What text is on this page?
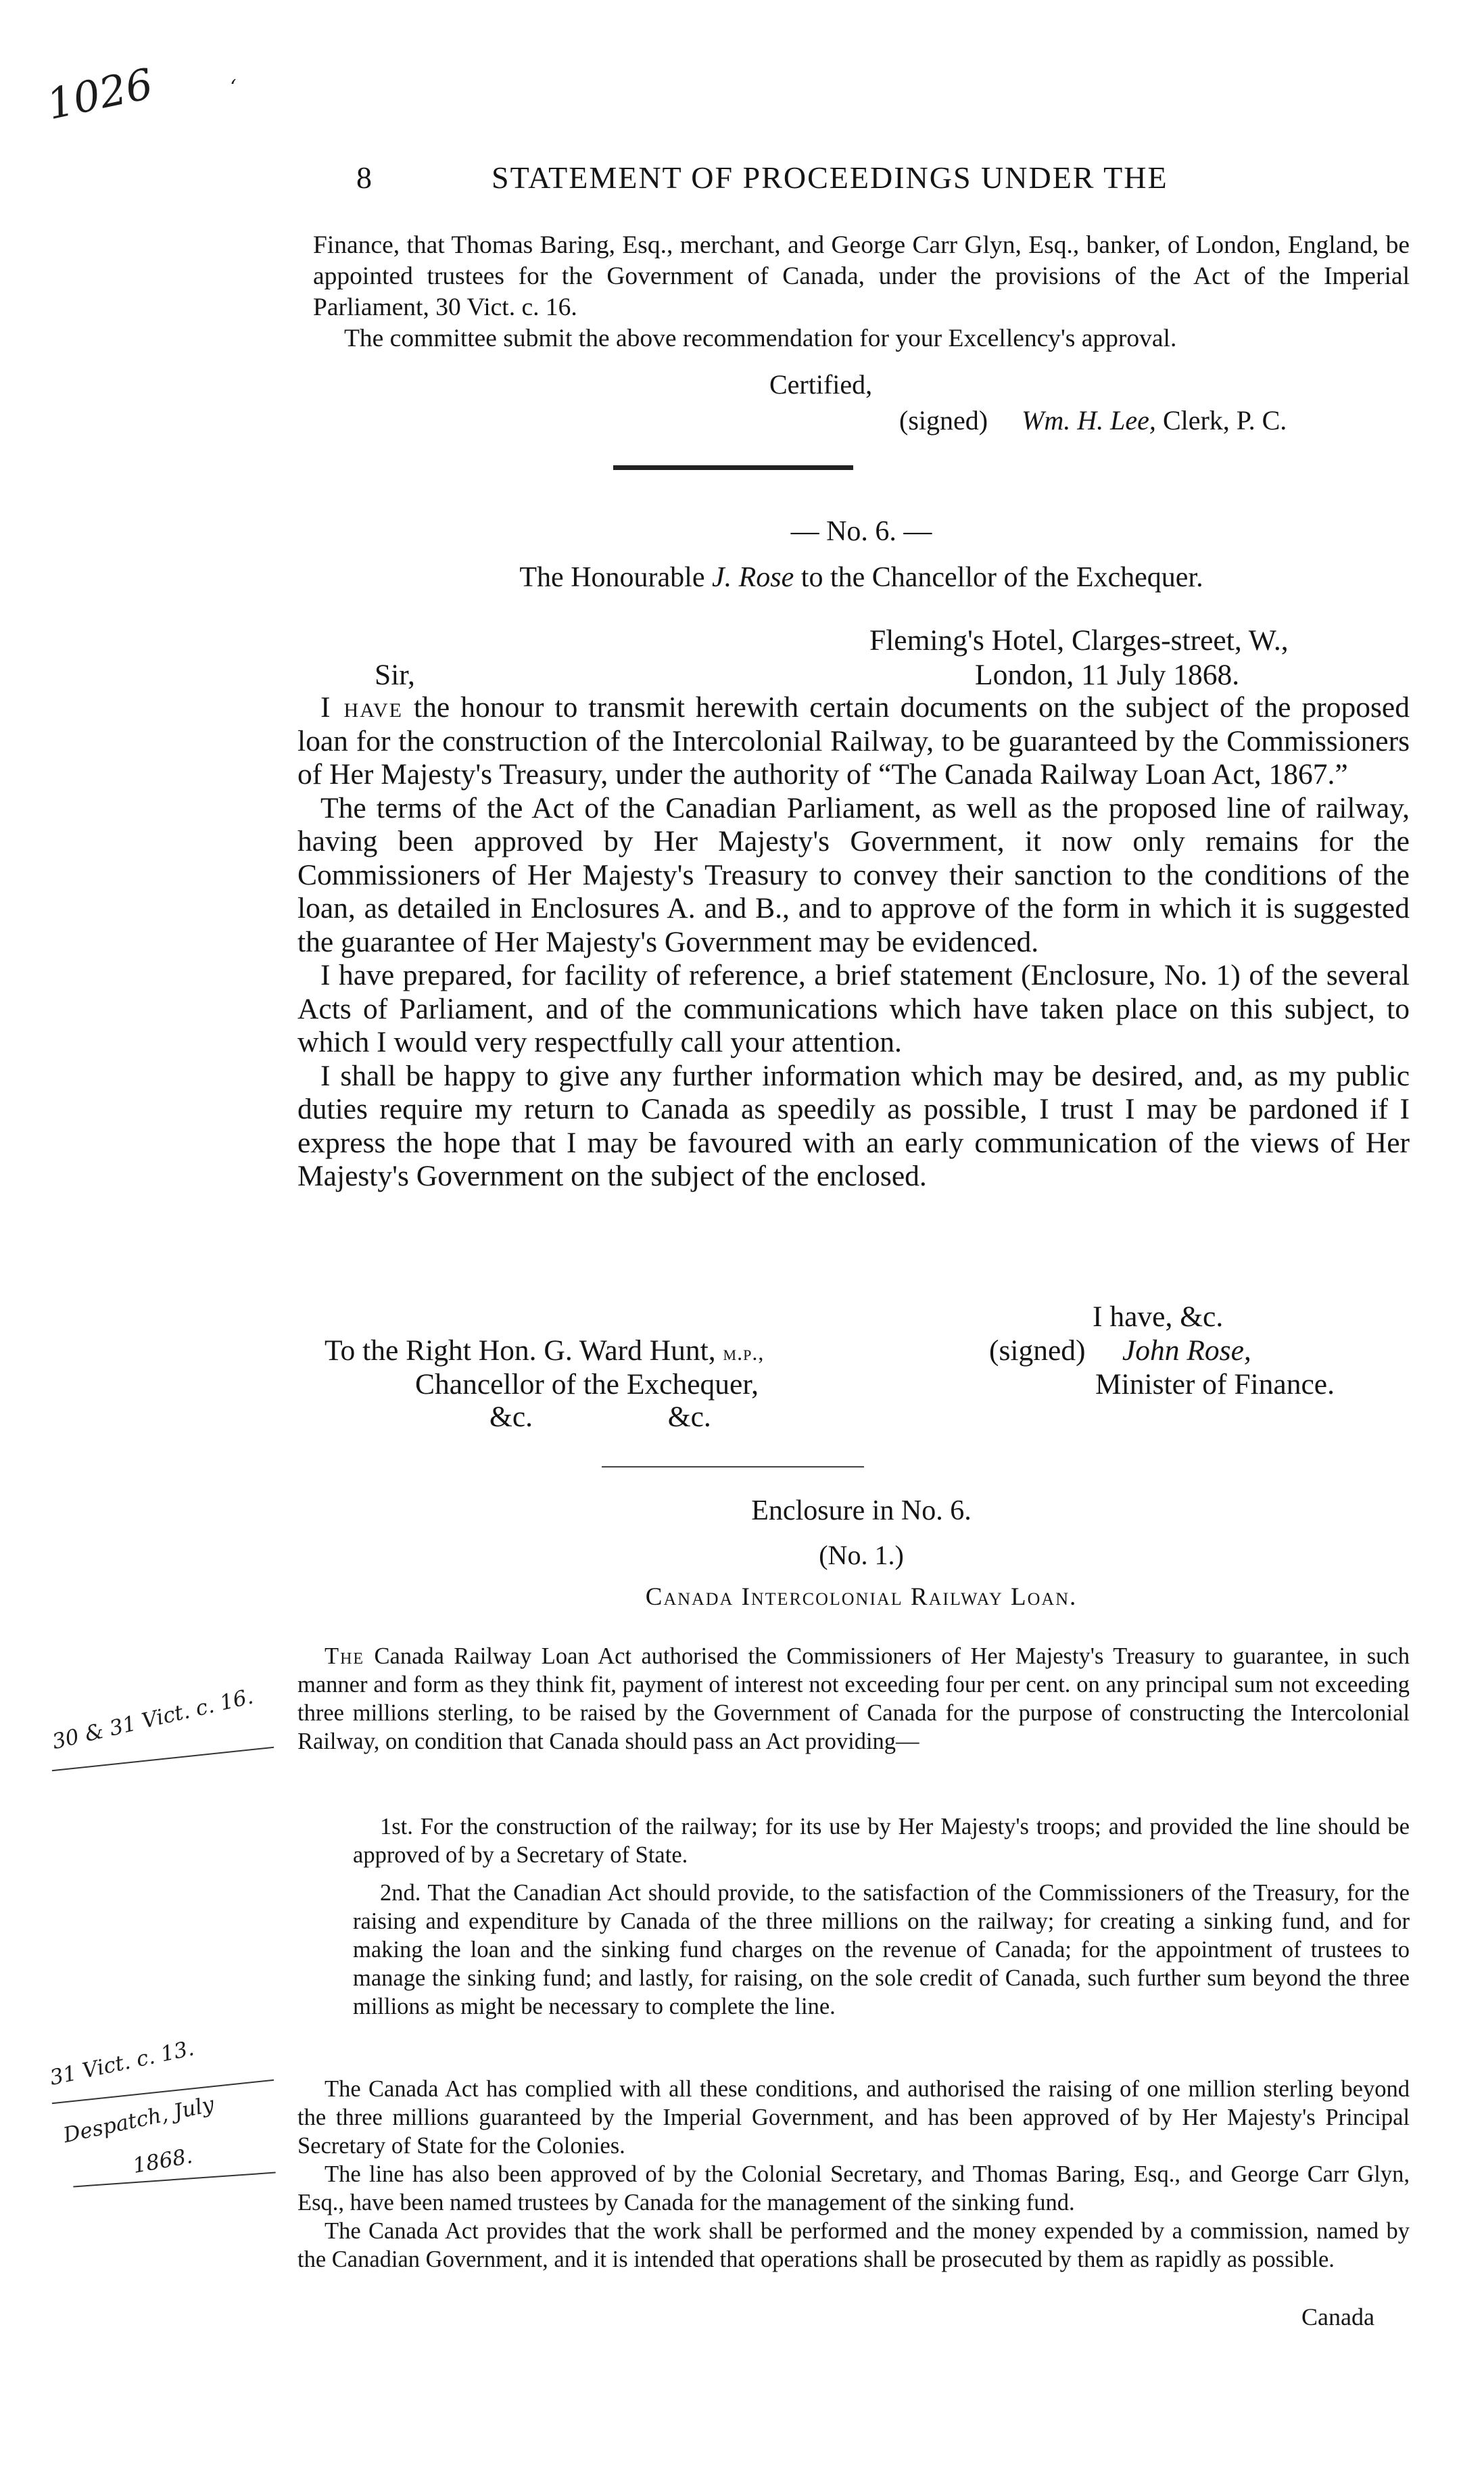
1026	ʻ
30 & 31 Vict. c. 16.
31 Vict. c. 13.
Despatch, July
1868.
8	STATEMENT OF PROCEEDINGS UNDER THE

Finance, that Thomas Baring, Esq., merchant, and George Carr Glyn, Esq., banker, of London, England, be appointed trustees for the Government of Canada, under the provisions of the Act of the Imperial Parliament, 30 Vict. c. 16.

The committee submit the above recommendation for your Excellency's approval.

Certified,
(signed) Wm. H. Lee, Clerk, P. C.
— No. 6. —
The Honourable J. Rose to the Chancellor of the Exchequer.
Fleming's Hotel, Clarges-street, W.,
Sir,	London, 11 July 1868.

I have the honour to transmit herewith certain documents on the subject of the proposed loan for the construction of the Intercolonial Railway, to be guaranteed by the Commissioners of Her Majesty's Treasury, under the authority of “The Canada Railway Loan Act, 1867.”

The terms of the Act of the Canadian Parliament, as well as the proposed line of railway, having been approved by Her Majesty's Government, it now only remains for the Commissioners of Her Majesty's Treasury to convey their sanction to the conditions of the loan, as detailed in Enclosures A. and B., and to approve of the form in which it is suggested the guarantee of Her Majesty's Government may be evidenced.

I have prepared, for facility of reference, a brief statement (Enclosure, No. 1) of the several Acts of Parliament, and of the communications which have taken place on this subject, to which I would very respectfully call your attention.

I shall be happy to give any further information which may be desired, and, as my public duties require my return to Canada as speedily as possible, I trust I may be pardoned if I express the hope that I may be favoured with an early communication of the views of Her Majesty's Government on the subject of the enclosed.

I have, &c.
To the Right Hon. G. Ward Hunt, m.p.,	(signed) John Rose,
Chancellor of the Exchequer,	Minister of Finance.
&c.	&c.
Enclosure in No. 6.
(No. 1.)
Canada Intercolonial Railway Loan.

The Canada Railway Loan Act authorised the Commissioners of Her Majesty's Treasury to guarantee, in such manner and form as they think fit, payment of interest not exceeding four per cent. on any principal sum not exceeding three millions sterling, to be raised by the Government of Canada for the purpose of constructing the Intercolonial Railway, on condition that Canada should pass an Act providing—

1st. For the construction of the railway; for its use by Her Majesty's troops; and provided the line should be approved of by a Secretary of State.

2nd. That the Canadian Act should provide, to the satisfaction of the Commissioners of the Treasury, for the raising and expenditure by Canada of the three millions on the railway; for creating a sinking fund, and for making the loan and the sinking fund charges on the revenue of Canada; for the appointment of trustees to manage the sinking fund; and lastly, for raising, on the sole credit of Canada, such further sum beyond the three millions as might be necessary to complete the line.

The Canada Act has complied with all these conditions, and authorised the raising of one million sterling beyond the three millions guaranteed by the Imperial Government, and has been approved of by Her Majesty's Principal Secretary of State for the Colonies.

The line has also been approved of by the Colonial Secretary, and Thomas Baring, Esq., and George Carr Glyn, Esq., have been named trustees by Canada for the management of the sinking fund.

The Canada Act provides that the work shall be performed and the money expended by a commission, named by the Canadian Government, and it is intended that operations shall be prosecuted by them as rapidly as possible.

Canada
